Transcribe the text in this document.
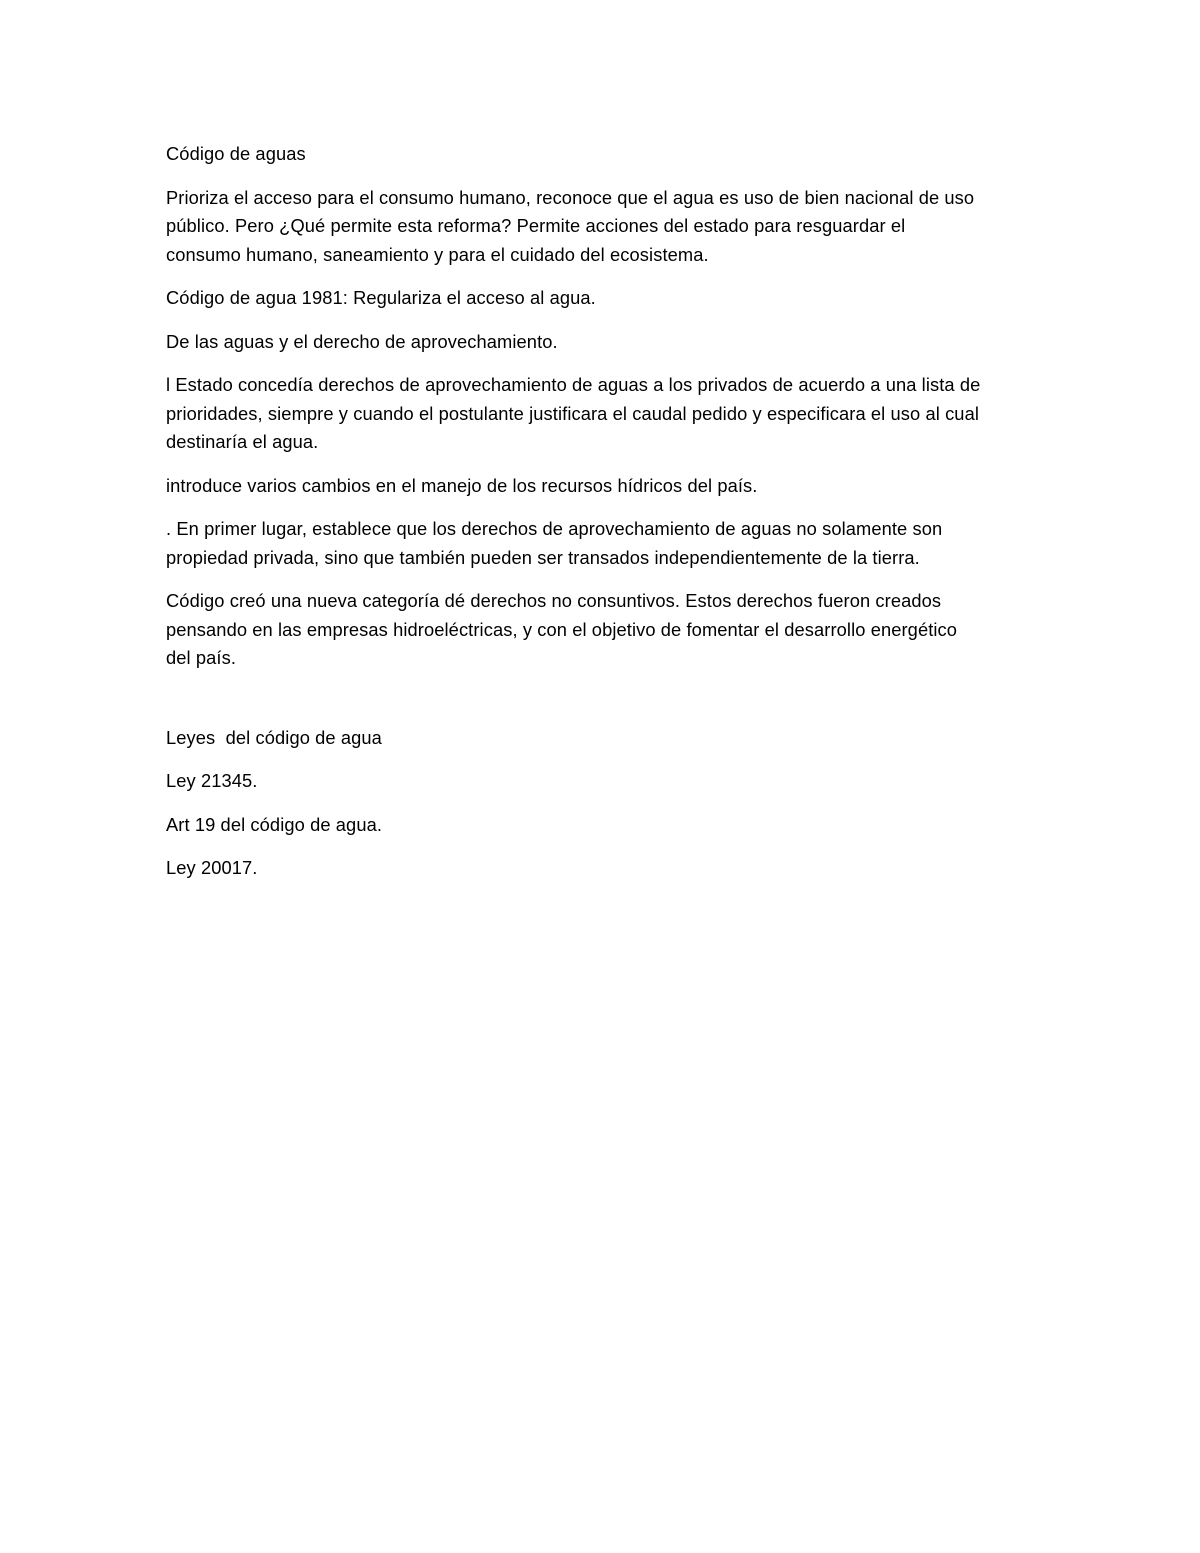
Código de aguas

Prioriza el acceso para el consumo humano, reconoce que el agua es uso de bien nacional de uso
público. Pero ¿Qué permite esta reforma? Permite acciones del estado para resguardar el
consumo humano, saneamiento y para el cuidado del ecosistema.

Código de agua 1981: Regulariza el acceso al agua.

De las aguas y el derecho de aprovechamiento.

l Estado concedía derechos de aprovechamiento de aguas a los privados de acuerdo a una lista de
prioridades, siempre y cuando el postulante justificara el caudal pedido y especificara el uso al cual
destinaría el agua.

introduce varios cambios en el manejo de los recursos hídricos del país.

. En primer lugar, establece que los derechos de aprovechamiento de aguas no solamente son
propiedad privada, sino que también pueden ser transados independientemente de la tierra.

Código creó una nueva categoría dé derechos no consuntivos. Estos derechos fueron creados
pensando en las empresas hidroeléctricas, y con el objetivo de fomentar el desarrollo energético
del país.

Leyes  del código de agua

Ley 21345.

Art 19 del código de agua.

Ley 20017.
